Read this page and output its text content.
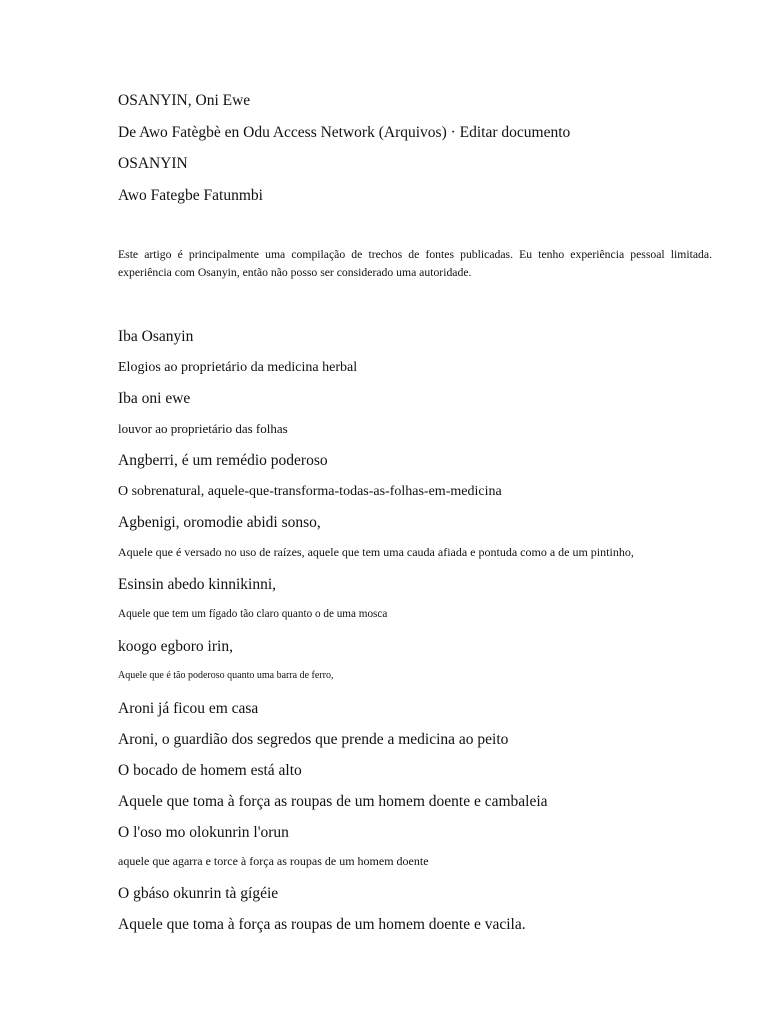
OSANYIN, Oni Ewe
De Awo Fatègbè en Odu Access Network (Arquivos) · Editar documento
OSANYIN
Awo Fategbe Fatunmbi
Este artigo é principalmente uma compilação de trechos de fontes publicadas. Eu tenho experiência pessoal limitada. experiência com Osanyin, então não posso ser considerado uma autoridade.
Iba Osanyin
Elogios ao proprietário da medicina herbal
Iba oni ewe
louvor ao proprietário das folhas
Angberri, é um remédio poderoso
O sobrenatural, aquele-que-transforma-todas-as-folhas-em-medicina
Agbenigi, oromodie abidi sonso,
Aquele que é versado no uso de raízes, aquele que tem uma cauda afiada e pontuda como a de um pintinho,
Esinsin abedo kinnikinni,
Aquele que tem um fígado tão claro quanto o de uma mosca
koogo egboro irin,
Aquele que é tão poderoso quanto uma barra de ferro,
Aroni já ficou em casa
Aroni, o guardião dos segredos que prende a medicina ao peito
O bocado de homem está alto
Aquele que toma à força as roupas de um homem doente e cambaleia
O l'oso mo olokunrin l'orun
aquele que agarra e torce à força as roupas de um homem doente
O gbáso okunrin tà gígéie
Aquele que toma à força as roupas de um homem doente e vacila.
